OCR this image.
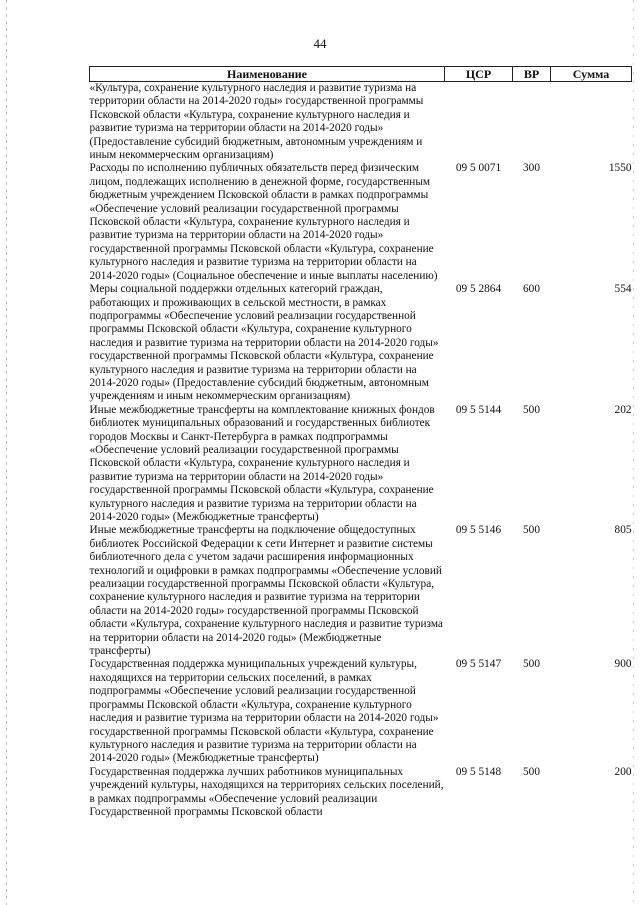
44
Наименование	ЦСР	ВР	Сумма
«Культура, сохранение культурного наследия и развитие туризма на территории области на 2014-2020 годы» государственной программы Псковской области «Культура, сохранение культурного наследия и развитие туризма на территории области на 2014-2020 годы» (Предоставление субсидий бюджетным, автономным учреждениям и иным некоммерческим организациям)			
Расходы по исполнению публичных обязательств перед физическим лицом, подлежащих исполнению в денежной форме, государственным бюджетным учреждением Псковской области в рамках подпрограммы «Обеспечение условий реализации государственной программы Псковской области «Культура, сохранение культурного наследия и развитие туризма на территории области на 2014-2020 годы» государственной программы Псковской области «Культура, сохранение культурного наследия и развитие туризма на территории области на 2014-2020 годы» (Социальное обеспечение и иные выплаты населению)	09 5 0071	300	1550
Меры социальной поддержки отдельных категорий граждан, работающих и проживающих в сельской местности, в рамках подпрограммы «Обеспечение условий реализации государственной программы Псковской области «Культура, сохранение культурного наследия и развитие туризма на территории области на 2014-2020 годы» государственной программы Псковской области «Культура, сохранение культурного наследия и развитие туризма на территории области на 2014-2020 годы» (Предоставление субсидий бюджетным, автономным учреждениям и иным некоммерческим организациям)	09 5 2864	600	554
Иные межбюджетные трансферты на комплектование книжных фондов библиотек муниципальных образований и государственных библиотек городов Москвы и Санкт-Петербурга в рамках подпрограммы «Обеспечение условий реализации государственной программы Псковской области «Культура, сохранение культурного наследия и развитие туризма на территории области на 2014-2020 годы» государственной программы Псковской области «Культура, сохранение культурного наследия и развитие туризма на территории области на 2014-2020 годы» (Межбюджетные трансферты)	09 5 5144	500	202
Иные межбюджетные трансферты на подключение общедоступных библиотек Российской Федерации к сети Интернет и развитие системы библиотечного дела с учетом задачи расширения информационных технологий и оцифровки в рамках подпрограммы «Обеспечение условий реализации государственной программы Псковской области «Культура, сохранение культурного наследия и развитие туризма на территории области на 2014-2020 годы» государственной программы Псковской области «Культура, сохранение культурного наследия и развитие туризма на территории области на 2014-2020 годы» (Межбюджетные трансферты)	09 5 5146	500	805
Государственная поддержка муниципальных учреждений культуры, находящихся на территории сельских поселений, в рамках подпрограммы «Обеспечение условий реализации государственной программы Псковской области «Культура, сохранение культурного наследия и развитие туризма на территории области на 2014-2020 годы» государственной программы Псковской области «Культура, сохранение культурного наследия и развитие туризма на территории области на 2014-2020 годы» (Межбюджетные трансферты)	09 5 5147	500	900
Государственная поддержка лучших работников муниципальных учреждений культуры, находящихся на территориях сельских поселений, в рамках подпрограммы «Обеспечение условий реализации Государственной программы Псковской области	09 5 5148	500	200
